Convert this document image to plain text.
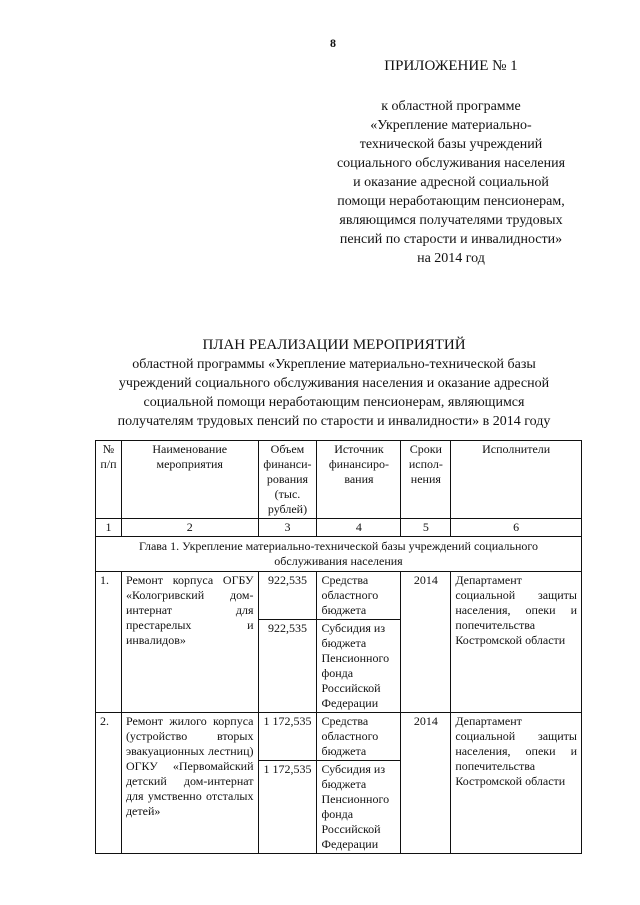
8
ПРИЛОЖЕНИЕ № 1
к областной программе
«Укрепление материально-
технической базы учреждений
социального обслуживания населения
и оказание адресной социальной
помощи неработающим пенсионерам,
являющимся получателями трудовых
пенсий по старости и инвалидности»
на 2014 год
ПЛАН РЕАЛИЗАЦИИ МЕРОПРИЯТИЙ
областной программы «Укрепление материально-технической базы
учреждений социального обслуживания населения и оказание адресной
социальной помощи неработающим пенсионерам, являющимся
получателям трудовых пенсий по старости и инвалидности» в 2014 году
№ п/п	Наименование мероприятия	Объем финанси-рования (тыс. рублей)	Источник финансиро-вания	Сроки испол-нения	Исполнители
1	2	3	4	5	6
Глава 1. Укрепление материально-технической базы учреждений социального обслуживания населения					
1.	Ремонт корпуса ОГБУ «Кологривский дом-интернат для престарелых и инвалидов»	922,535	Средства областного бюджета	2014	Департамент социальной защиты населения, опеки и попечительства Костромской области
		922,535	Субсидия из бюджета Пенсионного фонда Российской Федерации		
2.	Ремонт жилого корпуса (устройство вторых эвакуационных лестниц) ОГКУ «Первомайский детский дом-интернат для умственно отсталых детей»	1 172,535	Средства областного бюджета	2014	Департамент социальной защиты населения, опеки и попечительства Костромской области
		1 172,535	Субсидия из бюджета Пенсионного фонда Российской Федерации		
